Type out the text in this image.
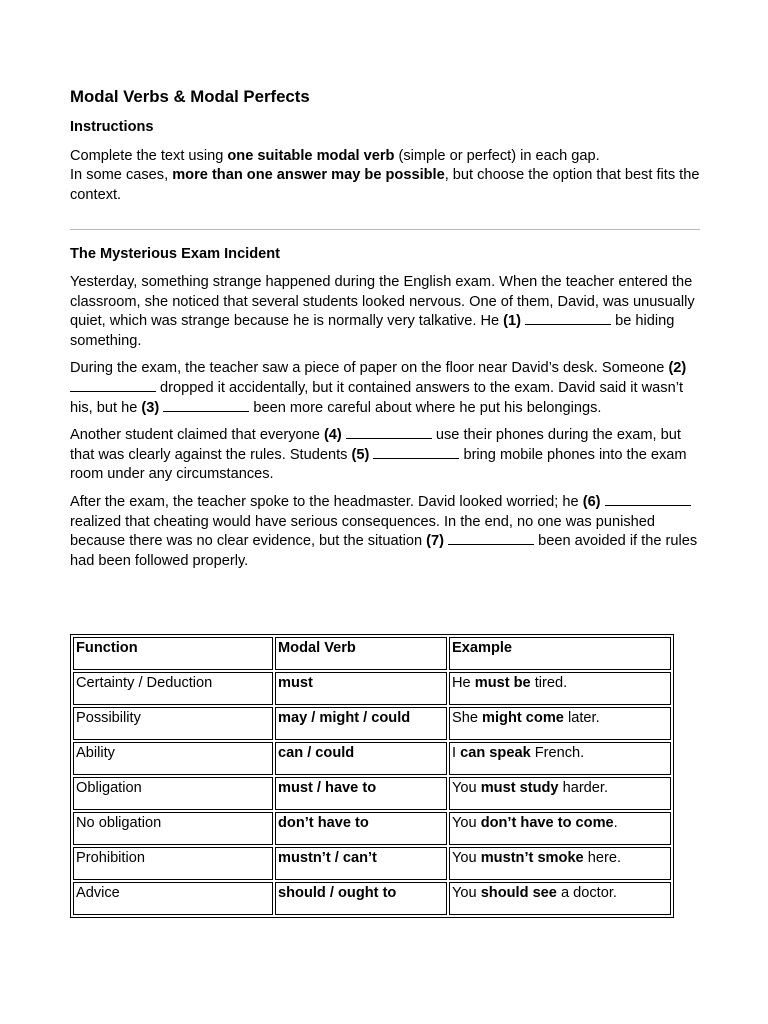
Modal Verbs & Modal Perfects
Instructions

Complete the text using one suitable modal verb (simple or perfect) in each gap.
In some cases, more than one answer may be possible, but choose the option that best fits the context.

The Mysterious Exam Incident

Yesterday, something strange happened during the English exam. When the teacher entered the classroom, she noticed that several students looked nervous. One of them, David, was unusually quiet, which was strange because he is normally very talkative. He (1)	be hiding something.

During the exam, the teacher saw a piece of paper on the floor near David’s desk. Someone (2)  dropped it accidentally, but it contained answers to the exam. David said it wasn’t his, but he (3)	been more careful about where he put his belongings.

Another student claimed that everyone (4)	use their phones during the exam, but that was clearly against the rules. Students (5)	bring mobile phones into the exam room under any circumstances.

After the exam, the teacher spoke to the headmaster. David looked worried; he (6)  realized that cheating would have serious consequences. In the end, no one was punished because there was no clear evidence, but the situation (7)	been avoided if the rules had been followed properly.

Function	Modal Verb	Example
Certainty / Deduction	must	He must be tired.
Possibility	may / might / could	She might come later.
Ability	can / could	I can speak French.
Obligation	must / have to	You must study harder.
No obligation	don’t have to	You don’t have to come.
Prohibition	mustn’t / can’t	You mustn’t smoke here.
Advice	should / ought to	You should see a doctor.
